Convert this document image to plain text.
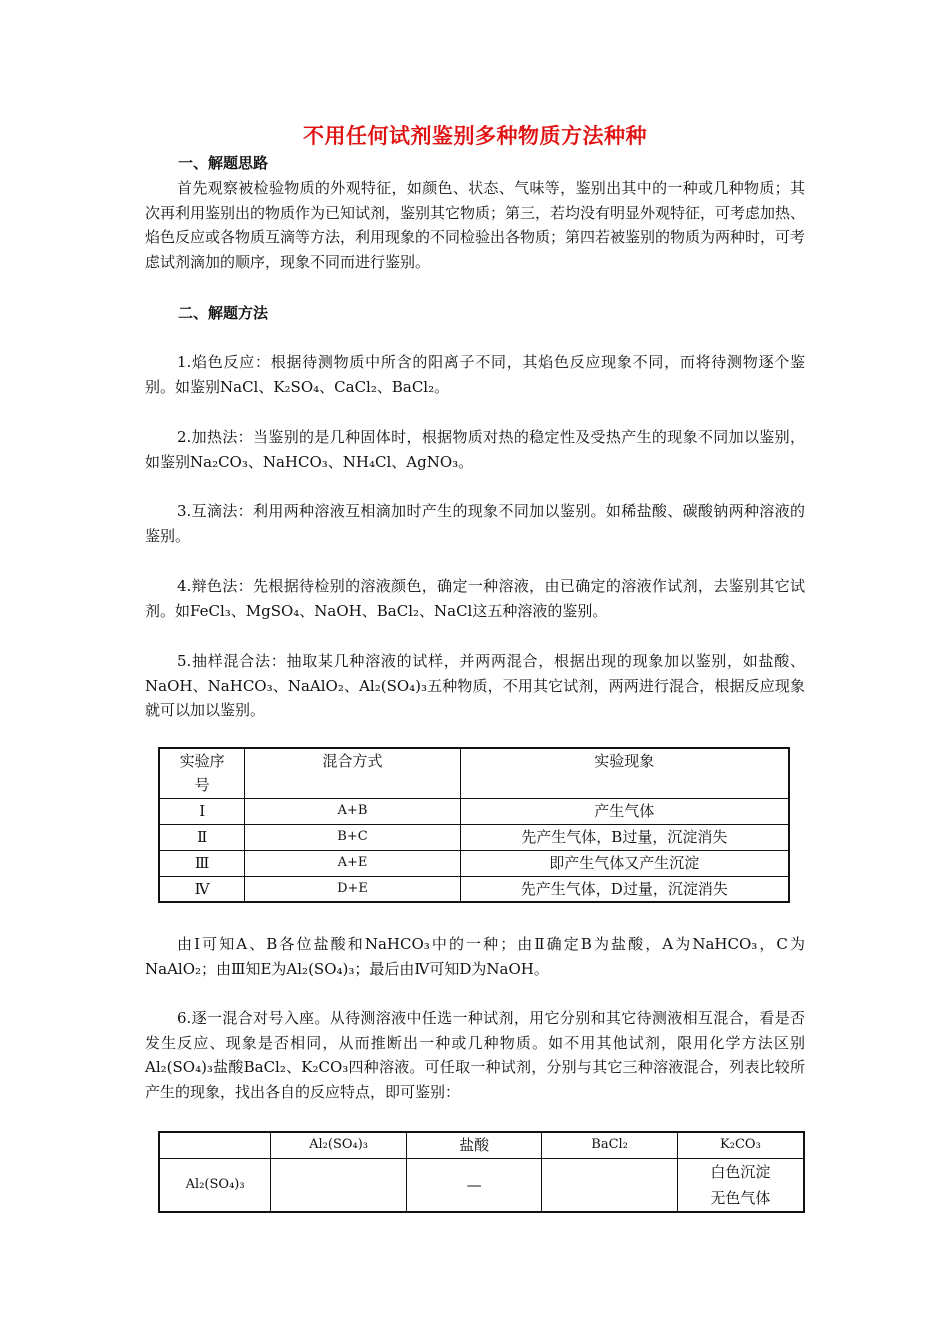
不用任何试剂鉴别多种物质方法种种
一、解题思路

首先观察被检验物质的外观特征，如颜色、状态、气味等，鉴别出其中的一种或几种物质；其次再利用鉴别出的物质作为已知试剂，鉴别其它物质；第三，若均没有明显外观特征，可考虑加热、焰色反应或各物质互滴等方法，利用现象的不同检验出各物质；第四若被鉴别的物质为两种时，可考虑试剂滴加的顺序，现象不同而进行鉴别。

二、解题方法

1.焰色反应：根据待测物质中所含的阳离子不同，其焰色反应现象不同，而将待测物逐个鉴别。如鉴别NaCl、K₂SO₄、CaCl₂、BaCl₂。

2.加热法：当鉴别的是几种固体时，根据物质对热的稳定性及受热产生的现象不同加以鉴别，如鉴别Na₂CO₃、NaHCO₃、NH₄Cl、AgNO₃。

3.互滴法：利用两种溶液互相滴加时产生的现象不同加以鉴别。如稀盐酸、碳酸钠两种溶液的鉴别。

4.辩色法：先根据待检别的溶液颜色，确定一种溶液，由已确定的溶液作试剂，去鉴别其它试剂。如FeCl₃、MgSO₄、NaOH、BaCl₂、NaCl这五种溶液的鉴别。

5.抽样混合法：抽取某几种溶液的试样，并两两混合，根据出现的现象加以鉴别，如盐酸、NaOH、NaHCO₃、NaAlO₂、Al₂(SO₄)₃五种物质，不用其它试剂，两两进行混合，根据反应现象就可以加以鉴别。

实验序号	混合方式	实验现象
Ⅰ	A+B	产生气体
Ⅱ	B+C	先产生气体，B过量，沉淀消失
Ⅲ	A+E	即产生气体又产生沉淀
Ⅳ	D+E	先产生气体，D过量，沉淀消失

由Ⅰ可知A、B各位盐酸和NaHCO₃中的一种；由Ⅱ确定B为盐酸，A为NaHCO₃，C为NaAlO₂；由Ⅲ知E为Al₂(SO₄)₃；最后由Ⅳ可知D为NaOH。

6.逐一混合对号入座。从待测溶液中任选一种试剂，用它分别和其它待测液相互混合，看是否发生反应、现象是否相同，从而推断出一种或几种物质。如不用其他试剂，限用化学方法区别Al₂(SO₄)₃盐酸BaCl₂、K₂CO₃四种溶液。可任取一种试剂，分别与其它三种溶液混合，列表比较所产生的现象，找出各自的反应特点，即可鉴别：

	Al₂(SO₄)₃	盐酸	BaCl₂	K₂CO₃
Al₂(SO₄)₃		—		白色沉淀
无色气体
